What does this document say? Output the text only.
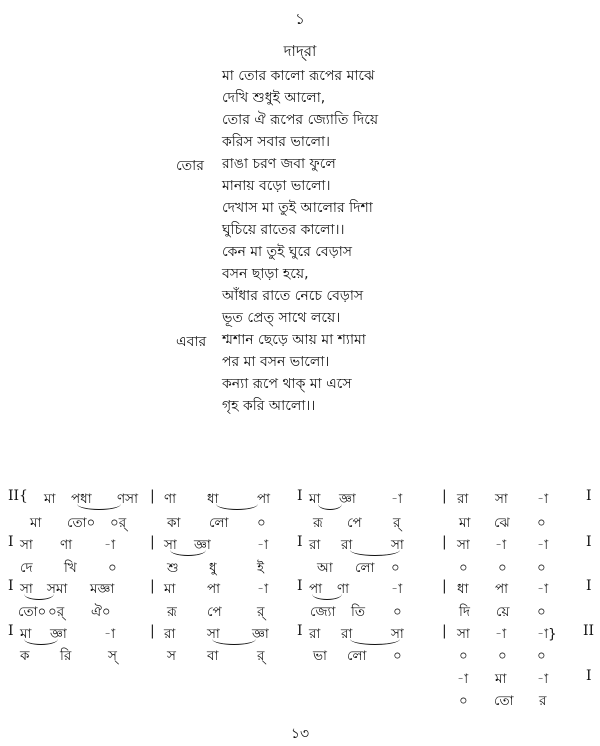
১
দাদ্‌রা
মা তোর কালো রূপের মাঝে
দেখি শুধুই আলো,
তোর ঐ রূপের জ্যোতি দিয়ে
করিস সবার ভালো।
তোর রাঙা চরণ জবা ফুলে
মানায় বড়ো ভালো।
দেখাস মা তুই আলোর দিশা
ঘুচিয়ে রাতের কালো।।
কেন মা তুই ঘুরে বেড়াস
বসন ছাড়া হয়ে,
আঁধার রাতে নেচে বেড়াস
ভূত প্রেত্‌ সাথে লয়ে।
এবার শ্মশান ছেড়ে আয় মা শ্যামা
পর মা বসন ভালো।
কন্যা রূপে থাক্‌ মা এসে
গৃহ করি আলো।।
II{ মা পধা ণসা | ণা ধা	পা I মা জ্ঞা	-া	| রা সা -া	I
মা তো০ ০র্‌	কা লো ০	রূ পে র্‌	মা ঝে ০
I সা ণা -া | সা জ্ঞা	-া I রা রা	সা	| সা -া -া	I
দে খি ০	শু ধু	ই	আ লো ০	০ ০ ০
I সা সমা মজ্ঞা	| মা পা	-া I পা ণা	-া	| ধা পা -া	I
তো০ ০র্‌ ঐ০	রূ পে	র্‌	জ্যো তি ০	দি য়ে ০
I মা জ্ঞা	-া | রা সা জ্ঞা I রা রা	সা	| সা -া -া} II
ক রি	স্‌	স বা	র্‌	ভা লো ০	০ ০ ০
-া মা -া	I
০ তো র
১৩
